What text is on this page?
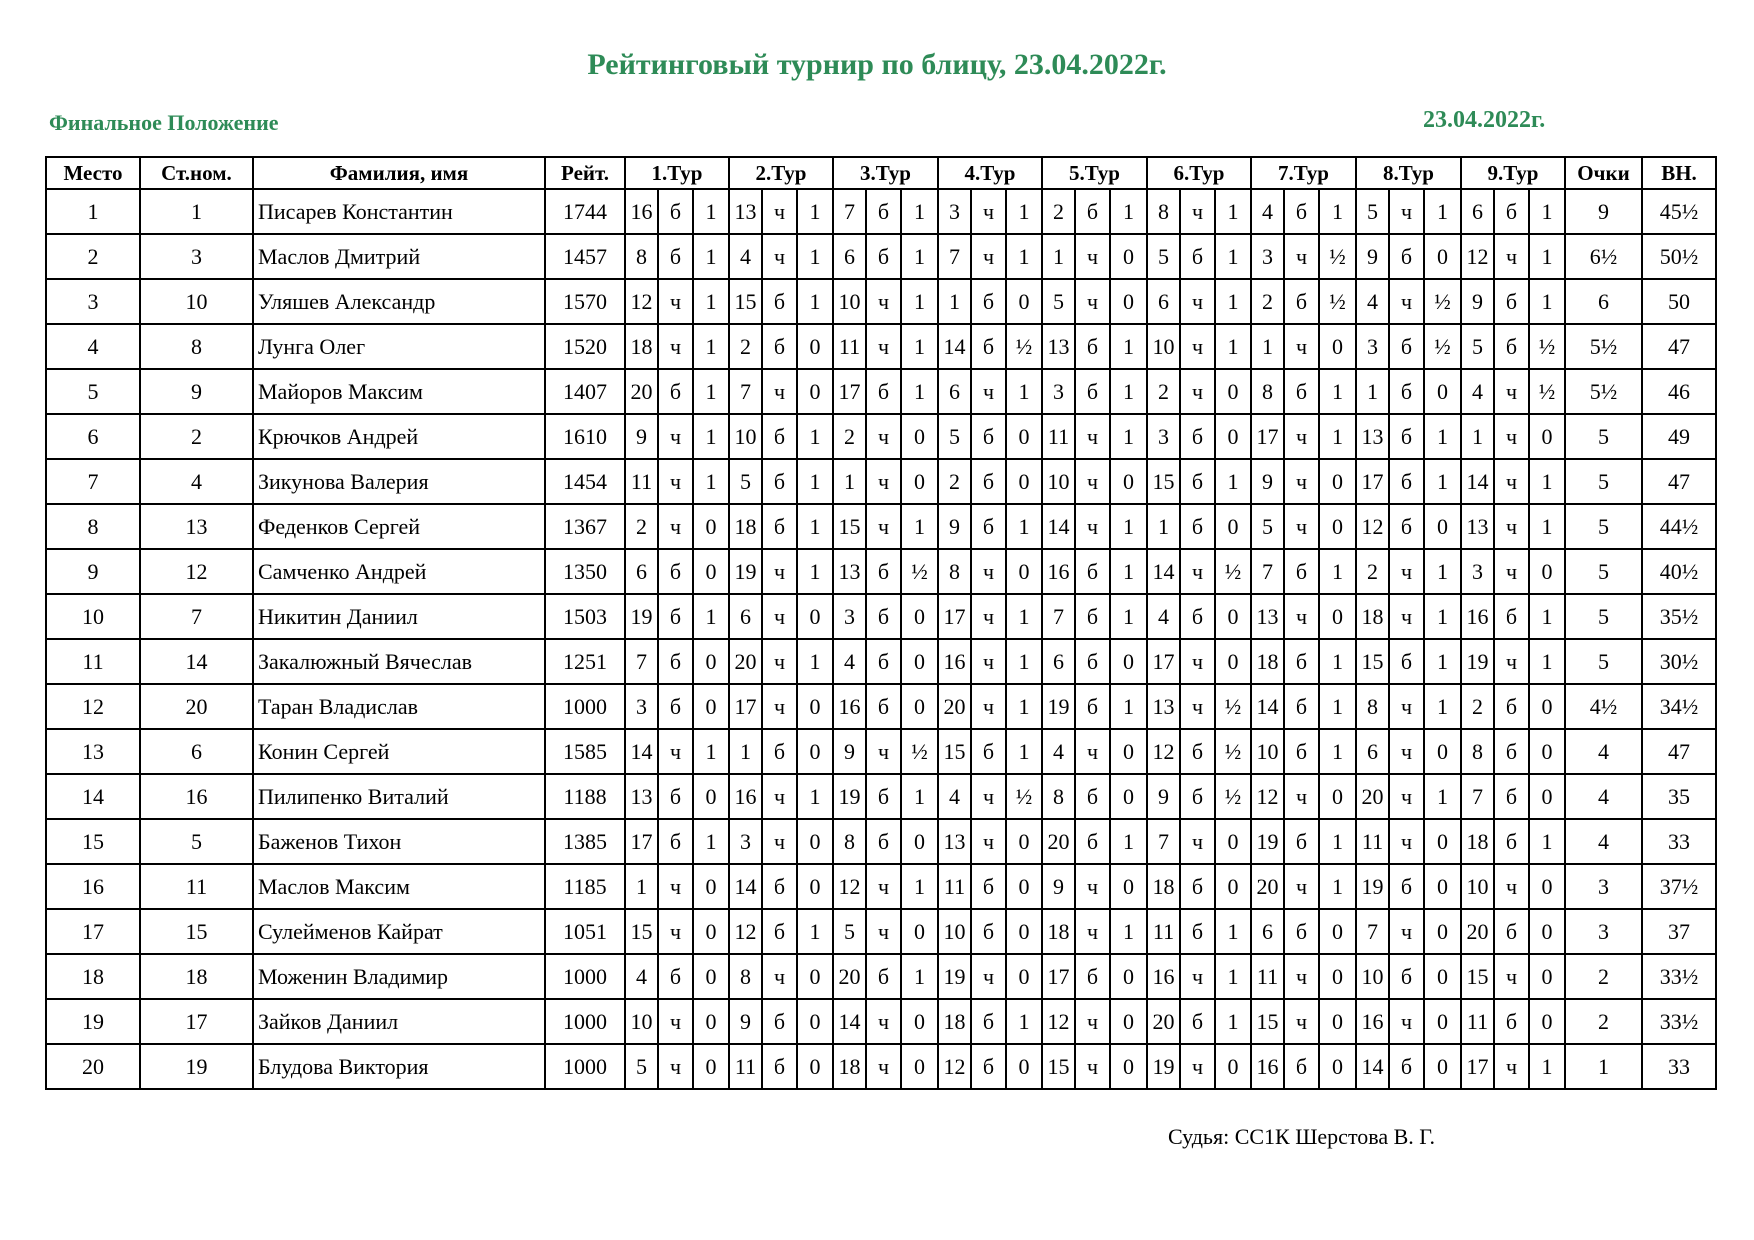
Рейтинговый турнир по блицу, 23.04.2022г.
Финальное Положение	23.04.2022г.
Место	Ст.ном.	Фамилия, имя	Рейт.	1.Тур			2.Тур			3.Тур			4.Тур			5.Тур			6.Тур			7.Тур			8.Тур			9.Тур			Очки	ВН.
1	1	Писарев Константин	1744	16	б	1	13	ч	1	7	б	1	3	ч	1	2	б	1	8	ч	1	4	б	1	5	ч	1	6	б	1	9	45½
2	3	Маслов Дмитрий	1457	8	б	1	4	ч	1	6	б	1	7	ч	1	1	ч	0	5	б	1	3	ч	½	9	б	0	12	ч	1	6½	50½
3	10	Уляшев Александр	1570	12	ч	1	15	б	1	10	ч	1	1	б	0	5	ч	0	6	ч	1	2	б	½	4	ч	½	9	б	1	6	50
4	8	Лунга Олег	1520	18	ч	1	2	б	0	11	ч	1	14	б	½	13	б	1	10	ч	1	1	ч	0	3	б	½	5	б	½	5½	47
5	9	Майоров Максим	1407	20	б	1	7	ч	0	17	б	1	6	ч	1	3	б	1	2	ч	0	8	б	1	1	б	0	4	ч	½	5½	46
6	2	Крючков Андрей	1610	9	ч	1	10	б	1	2	ч	0	5	б	0	11	ч	1	3	б	0	17	ч	1	13	б	1	1	ч	0	5	49
7	4	Зикунова Валерия	1454	11	ч	1	5	б	1	1	ч	0	2	б	0	10	ч	0	15	б	1	9	ч	0	17	б	1	14	ч	1	5	47
8	13	Феденков Сергей	1367	2	ч	0	18	б	1	15	ч	1	9	б	1	14	ч	1	1	б	0	5	ч	0	12	б	0	13	ч	1	5	44½
9	12	Самченко Андрей	1350	6	б	0	19	ч	1	13	б	½	8	ч	0	16	б	1	14	ч	½	7	б	1	2	ч	1	3	ч	0	5	40½
10	7	Никитин Даниил	1503	19	б	1	6	ч	0	3	б	0	17	ч	1	7	б	1	4	б	0	13	ч	0	18	ч	1	16	б	1	5	35½
11	14	Закалюжный Вячеслав	1251	7	б	0	20	ч	1	4	б	0	16	ч	1	6	б	0	17	ч	0	18	б	1	15	б	1	19	ч	1	5	30½
12	20	Таран Владислав	1000	3	б	0	17	ч	0	16	б	0	20	ч	1	19	б	1	13	ч	½	14	б	1	8	ч	1	2	б	0	4½	34½
13	6	Конин Сергей	1585	14	ч	1	1	б	0	9	ч	½	15	б	1	4	ч	0	12	б	½	10	б	1	6	ч	0	8	б	0	4	47
14	16	Пилипенко Виталий	1188	13	б	0	16	ч	1	19	б	1	4	ч	½	8	б	0	9	б	½	12	ч	0	20	ч	1	7	б	0	4	35
15	5	Баженов Тихон	1385	17	б	1	3	ч	0	8	б	0	13	ч	0	20	б	1	7	ч	0	19	б	1	11	ч	0	18	б	1	4	33
16	11	Маслов Максим	1185	1	ч	0	14	б	0	12	ч	1	11	б	0	9	ч	0	18	б	0	20	ч	1	19	б	0	10	ч	0	3	37½
17	15	Сулейменов Кайрат	1051	15	ч	0	12	б	1	5	ч	0	10	б	0	18	ч	1	11	б	1	6	б	0	7	ч	0	20	б	0	3	37
18	18	Моженин Владимир	1000	4	б	0	8	ч	0	20	б	1	19	ч	0	17	б	0	16	ч	1	11	ч	0	10	б	0	15	ч	0	2	33½
19	17	Зайков Даниил	1000	10	ч	0	9	б	0	14	ч	0	18	б	1	12	ч	0	20	б	1	15	ч	0	16	ч	0	11	б	0	2	33½
20	19	Блудова Виктория	1000	5	ч	0	11	б	0	18	ч	0	12	б	0	15	ч	0	19	ч	0	16	б	0	14	б	0	17	ч	1	1	33
Судья: СС1К Шерстова В. Г.
